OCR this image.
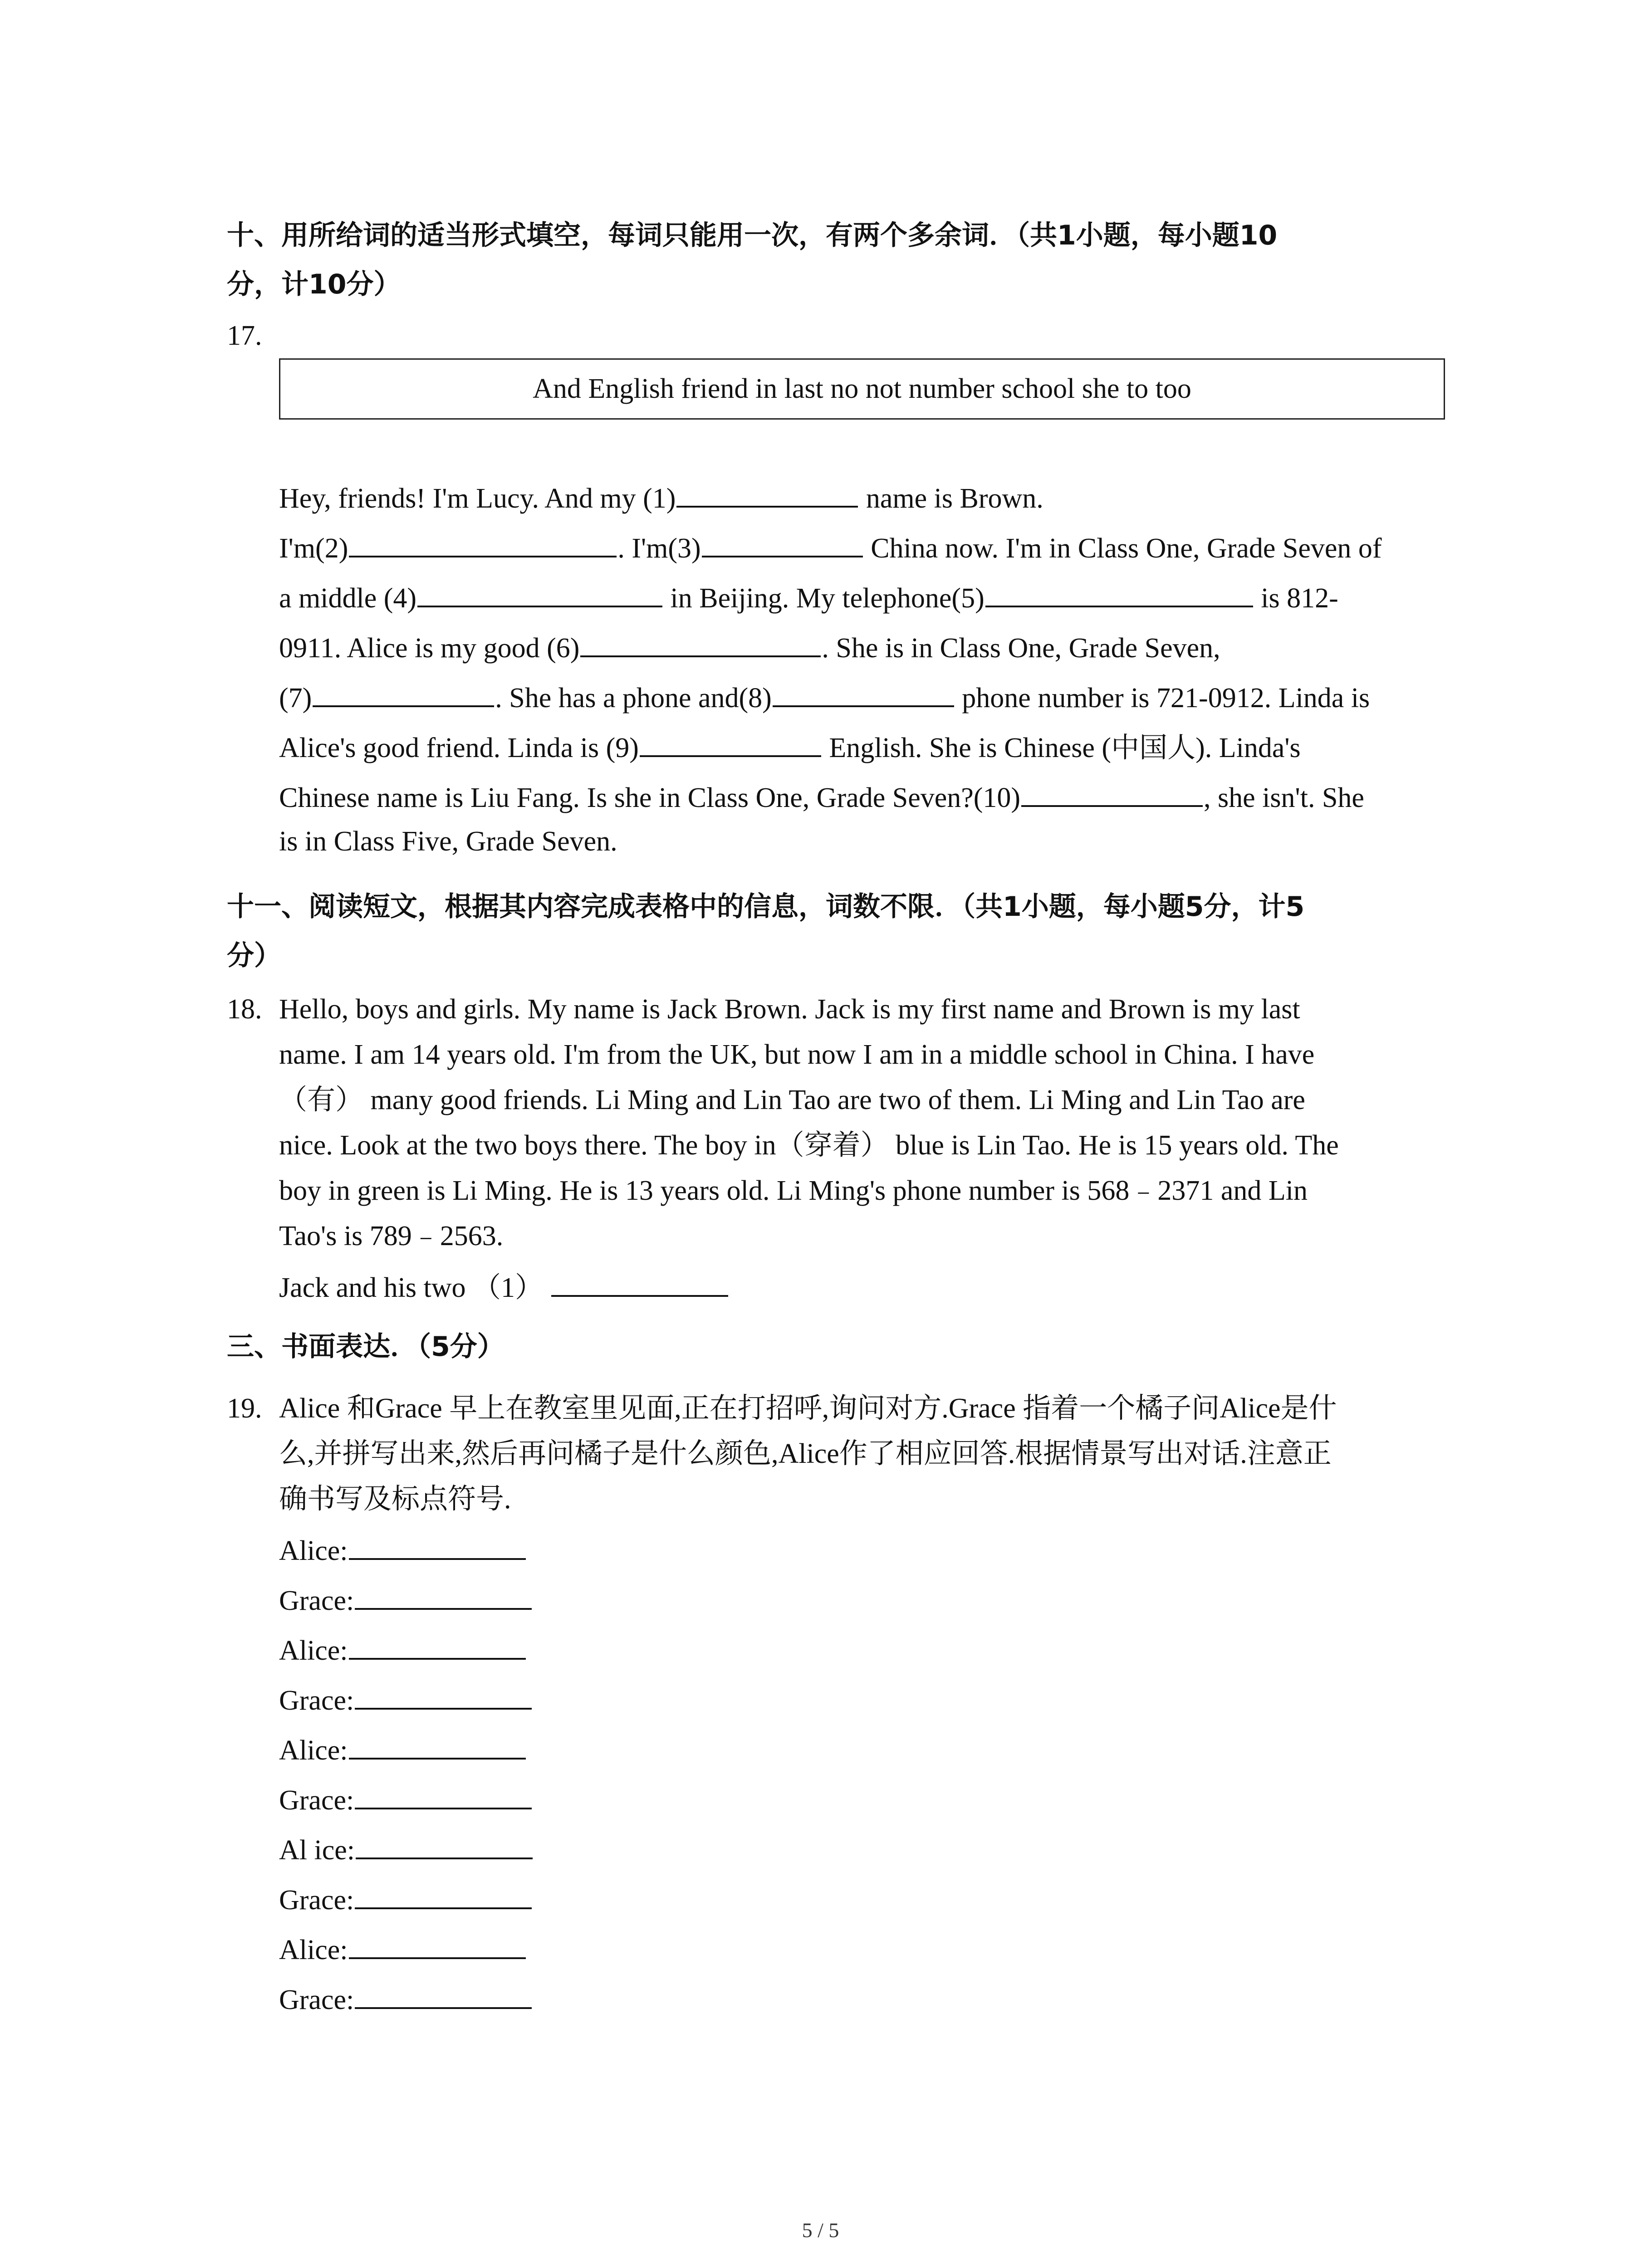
十、用所给词的适当形式填空，每词只能用一次，有两个多余词．（共1小题，每小题10
分，计10分）
17.
And English friend in last no not number school she to too
Hey, friends! I'm Lucy. And my (1)	name is Brown.
I'm(2)	. I'm(3)	China now. I'm in Class One, Grade Seven of
a middle (4)	in Beijing. My telephone(5)	is 812-
0911. Alice is my good (6)	. She is in Class One, Grade Seven,
(7)	. She has a phone and(8)	phone number is 721-0912. Linda is
Alice's good friend. Linda is (9)	English. She is Chinese (中国人). Linda's
Chinese name is Liu Fang. Is she in Class One, Grade Seven?(10)	, she isn't. She
is in Class Five, Grade Seven.
十一、阅读短文，根据其内容完成表格中的信息，词数不限．（共1小题，每小题5分，计5
分）
18. Hello, boys and girls. My name is Jack Brown. Jack is my first name and Brown is my last
name. I am 14 years old. I'm from the UK, but now I am in a middle school in China. I have
（有） many good friends. Li Ming and Lin Tao are two of them. Li Ming and Lin Tao are
nice. Look at the two boys there. The boy in（穿着） blue is Lin Tao. He is 15 years old. The
boy in green is Li Ming. He is 13 years old. Li Ming's phone number is 568﹣2371 and Lin
Tao's is 789﹣2563.
Jack and his two （1）
三、书面表达．（5分）
19. Alice 和Grace 早上在教室里见面,正在打招呼,询问对方.Grace 指着一个橘子问Alice是什
么,并拼写出来,然后再问橘子是什么颜色,Alice作了相应回答.根据情景写出对话.注意正
确书写及标点符号.
Alice:
Grace:
Alice:
Grace:
Alice:
Grace:
Al ice:
Grace:
Alice:
Grace:
5 / 5
